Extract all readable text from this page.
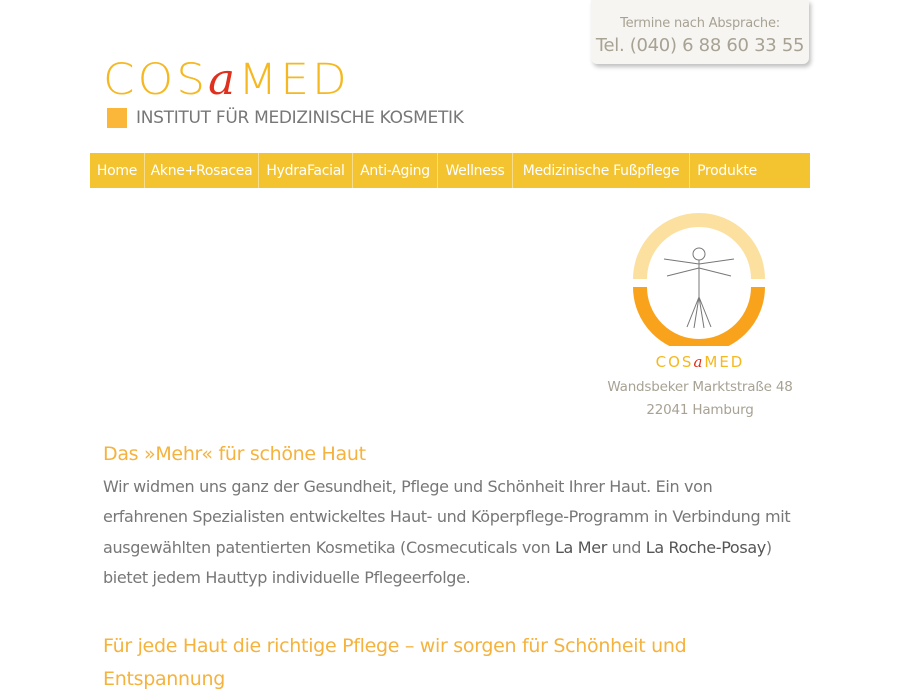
Termine nach Absprache:
Tel. (040) 6 88 60 33 55
COSaMED
INSTITUT FÜR MEDIZINISCHE KOSMETIK
Home Akne+Rosacea	HydraFacial	Anti-Aging	Wellness	Medizinische Fußpflege	Produkte
COSaMED
Wandsbeker Marktstraße 48
22041 Hamburg
Das »Mehr« für schöne Haut

Wir widmen uns ganz der Gesundheit, Pflege und Schönheit Ihrer Haut. Ein von erfahrenen Spezialisten entwickeltes Haut- und Köperpflege-Programm in Verbindung mit ausgewählten patentierten Kosmetika (Cosmecuticals von La Mer und La Roche-Posay) bietet jedem Hauttyp individuelle Pflegeerfolge.

Für jede Haut die richtige Pflege – wir sorgen für Schönheit und Entspannung
